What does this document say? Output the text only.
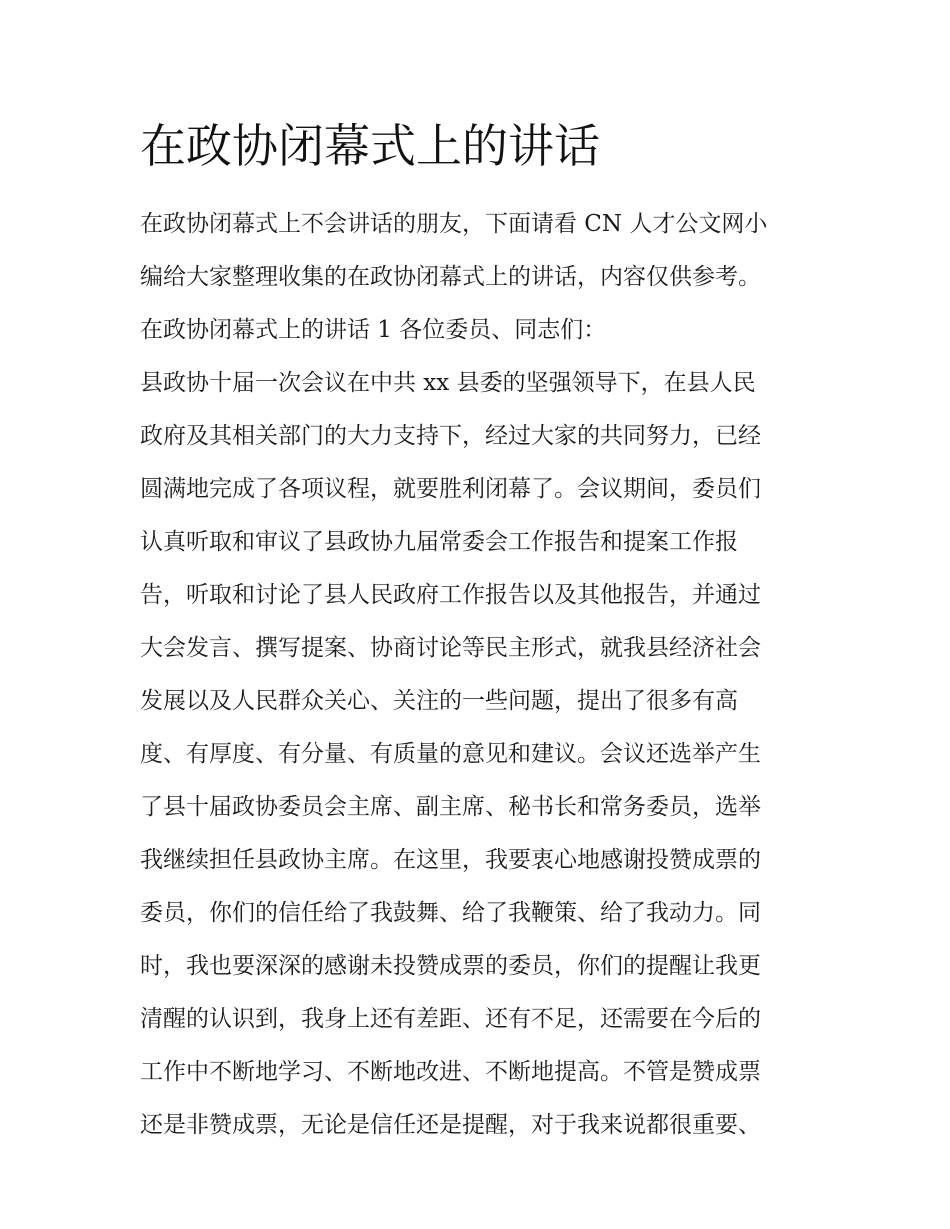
在政协闭幕式上的讲话
在政协闭幕式上不会讲话的朋友，下面请看 CN 人才公文网小
编给大家整理收集的在政协闭幕式上的讲话，内容仅供参考。
在政协闭幕式上的讲话 1 各位委员、同志们：
县政协十届一次会议在中共 xx 县委的坚强领导下，在县人民
政府及其相关部门的大力支持下，经过大家的共同努力，已经
圆满地完成了各项议程，就要胜利闭幕了。会议期间，委员们
认真听取和审议了县政协九届常委会工作报告和提案工作报
告，听取和讨论了县人民政府工作报告以及其他报告，并通过
大会发言、撰写提案、协商讨论等民主形式，就我县经济社会
发展以及人民群众关心、关注的一些问题，提出了很多有高
度、有厚度、有分量、有质量的意见和建议。会议还选举产生
了县十届政协委员会主席、副主席、秘书长和常务委员，选举
我继续担任县政协主席。在这里，我要衷心地感谢投赞成票的
委员，你们的信任给了我鼓舞、给了我鞭策、给了我动力。同
时，我也要深深的感谢未投赞成票的委员，你们的提醒让我更
清醒的认识到，我身上还有差距、还有不足，还需要在今后的
工作中不断地学习、不断地改进、不断地提高。不管是赞成票
还是非赞成票，无论是信任还是提醒，对于我来说都很重要、
